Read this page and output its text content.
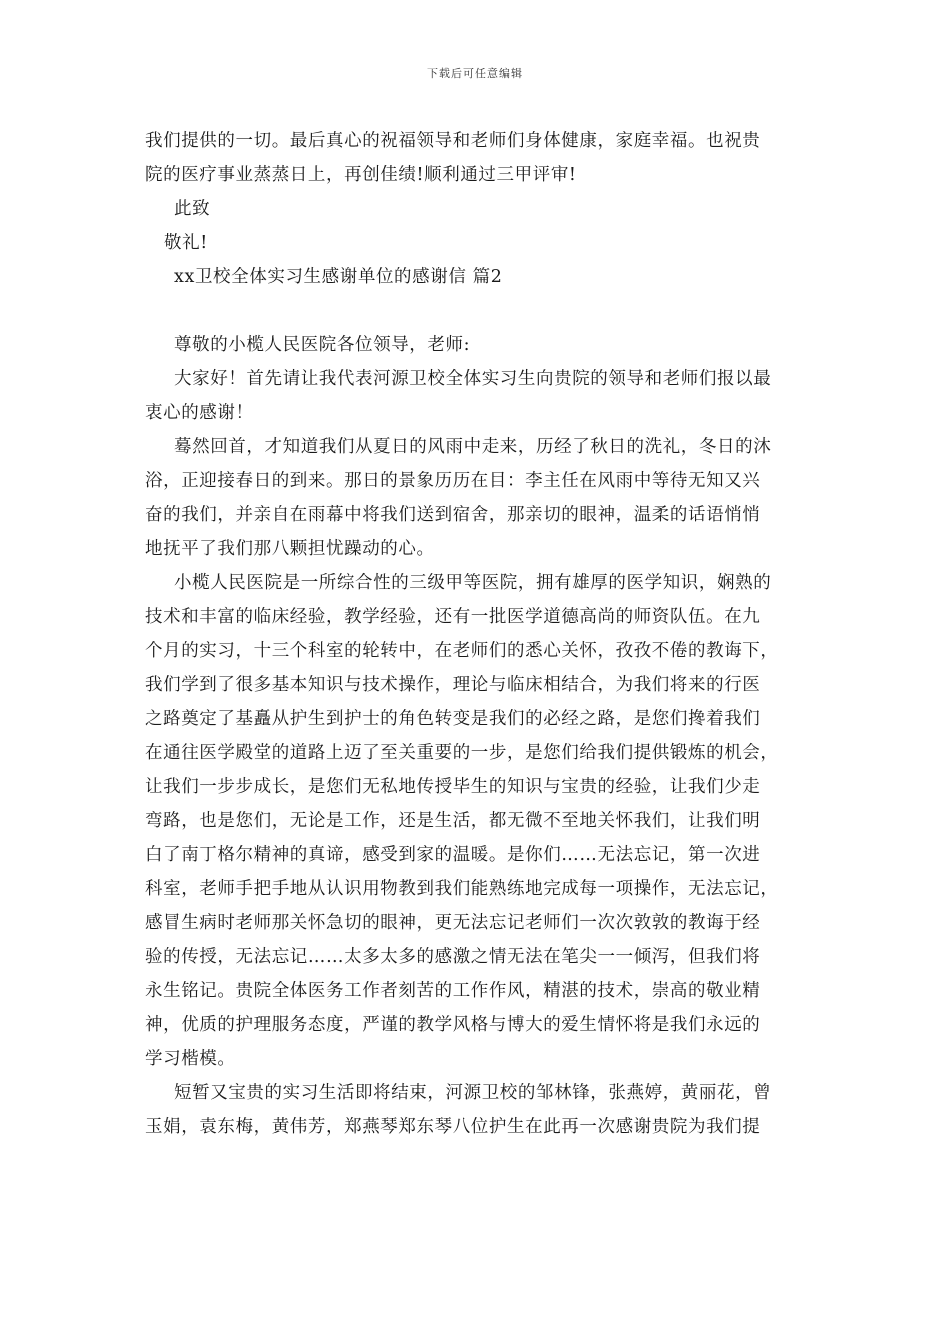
下载后可任意编辑
我们提供的一切。最后真心的祝福领导和老师们身体健康，家庭幸福。也祝贵
院的医疗事业蒸蒸日上，再创佳绩!顺利通过三甲评审!
此致
敬礼!
xx卫校全体实习生感谢单位的感谢信 篇2
尊敬的小榄人民医院各位领导，老师:
大家好！首先请让我代表河源卫校全体实习生向贵院的领导和老师们报以最
衷心的感谢！
蓦然回首，才知道我们从夏日的风雨中走来，历经了秋日的洗礼，冬日的沐
浴，正迎接春日的到来。那日的景象历历在目：李主任在风雨中等待无知又兴
奋的我们，并亲自在雨幕中将我们送到宿舍，那亲切的眼神，温柔的话语悄悄
地抚平了我们那八颗担忧躁动的心。
小榄人民医院是一所综合性的三级甲等医院，拥有雄厚的医学知识，娴熟的
技术和丰富的临床经验，教学经验，还有一批医学道德高尚的师资队伍。在九
个月的实习，十三个科室的轮转中，在老师们的悉心关怀，孜孜不倦的教诲下，
我们学到了很多基本知识与技术操作，理论与临床相结合，为我们将来的行医
之路奠定了基矗从护生到护士的角色转变是我们的必经之路，是您们搀着我们
在通往医学殿堂的道路上迈了至关重要的一步，是您们给我们提供锻炼的机会，
让我们一步步成长，是您们无私地传授毕生的知识与宝贵的经验，让我们少走
弯路，也是您们，无论是工作，还是生活，都无微不至地关怀我们，让我们明
白了南丁格尔精神的真谛，感受到家的温暖。是你们……无法忘记，第一次进
科室，老师手把手地从认识用物教到我们能熟练地完成每一项操作，无法忘记，
感冒生病时老师那关怀急切的眼神，更无法忘记老师们一次次敦敦的教诲于经
验的传授，无法忘记……太多太多的感激之情无法在笔尖一一倾泻，但我们将
永生铭记。贵院全体医务工作者刻苦的工作作风，精湛的技术，崇高的敬业精
神，优质的护理服务态度，严谨的教学风格与博大的爱生情怀将是我们永远的
学习楷模。
短暂又宝贵的实习生活即将结束，河源卫校的邹林锋，张燕婷，黄丽花，曾
玉娟，袁东梅，黄伟芳，郑燕琴郑东琴八位护生在此再一次感谢贵院为我们提
